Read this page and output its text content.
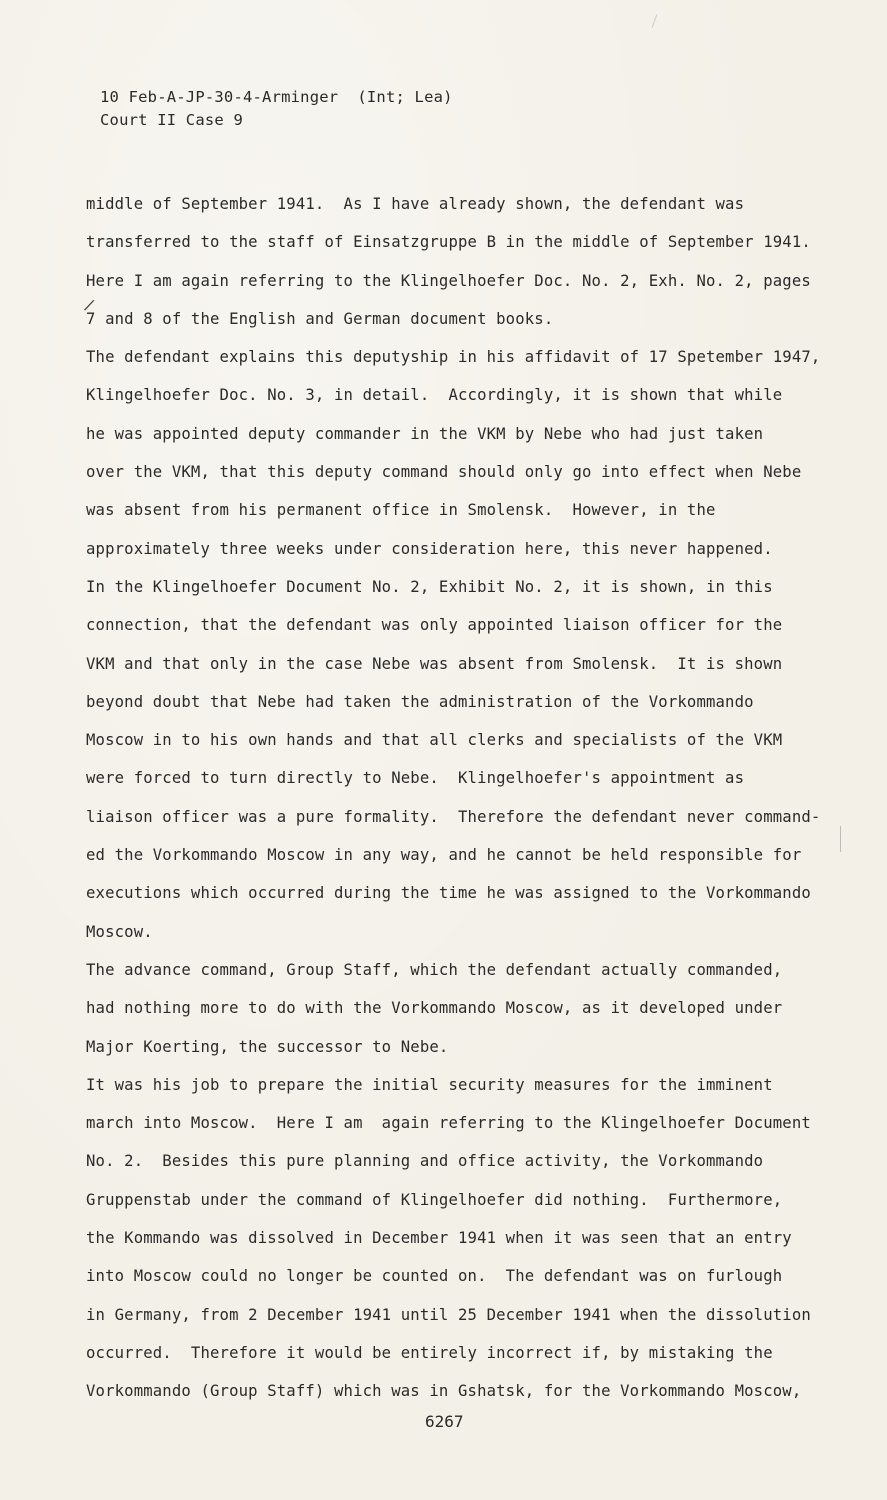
10 Feb-A-JP-30-4-Arminger  (Int; Lea)
Court II Case 9
/
middle of September 1941.  As I have already shown, the defendant was
transferred to the staff of Einsatzgruppe B in the middle of September 1941.
Here I am again referring to the Klingelhoefer Doc. No. 2, Exh. No. 2, pages
7 and 8 of the English and German document books.
The defendant explains this deputyship in his affidavit of 17 Spetember 1947,
Klingelhoefer Doc. No. 3, in detail.  Accordingly, it is shown that while
he was appointed deputy commander in the VKM by Nebe who had just taken
over the VKM, that this deputy command should only go into effect when Nebe
was absent from his permanent office in Smolensk.  However, in the
approximately three weeks under consideration here, this never happened.
In the Klingelhoefer Document No. 2, Exhibit No. 2, it is shown, in this
connection, that the defendant was only appointed liaison officer for the
VKM and that only in the case Nebe was absent from Smolensk.  It is shown
beyond doubt that Nebe had taken the administration of the Vorkommando
Moscow in to his own hands and that all clerks and specialists of the VKM
were forced to turn directly to Nebe.  Klingelhoefer's appointment as
liaison officer was a pure formality.  Therefore the defendant never command-
ed the Vorkommando Moscow in any way, and he cannot be held responsible for
executions which occurred during the time he was assigned to the Vorkommando
Moscow.
The advance command, Group Staff, which the defendant actually commanded,
had nothing more to do with the Vorkommando Moscow, as it developed under
Major Koerting, the successor to Nebe.
It was his job to prepare the initial security measures for the imminent
march into Moscow.  Here I am  again referring to the Klingelhoefer Document
No. 2.  Besides this pure planning and office activity, the Vorkommando
Gruppenstab under the command of Klingelhoefer did nothing.  Furthermore,
the Kommando was dissolved in December 1941 when it was seen that an entry
into Moscow could no longer be counted on.  The defendant was on furlough
in Germany, from 2 December 1941 until 25 December 1941 when the dissolution
occurred.  Therefore it would be entirely incorrect if, by mistaking the
Vorkommando (Group Staff) which was in Gshatsk, for the Vorkommando Moscow,
6267
